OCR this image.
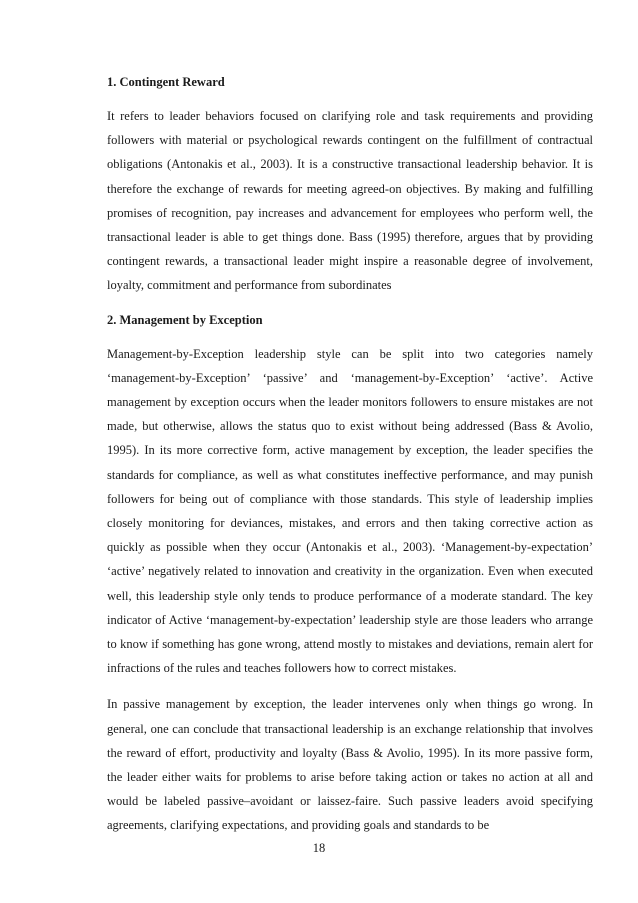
1. Contingent Reward

It refers to leader behaviors focused on clarifying role and task requirements and providing followers with material or psychological rewards contingent on the fulfillment of contractual obligations (Antonakis et al., 2003). It is a constructive transactional leadership behavior. It is therefore the exchange of rewards for meeting agreed-on objectives. By making and fulfilling promises of recognition, pay increases and advancement for employees who perform well, the transactional leader is able to get things done. Bass (1995) therefore, argues that by providing contingent rewards, a transactional leader might inspire a reasonable degree of involvement, loyalty, commitment and performance from subordinates

2. Management by Exception

Management-by-Exception leadership style can be split into two categories namely ‘management-by-Exception’ ‘passive’ and ‘management-by-Exception’ ‘active’. Active management by exception occurs when the leader monitors followers to ensure mistakes are not made, but otherwise, allows the status quo to exist without being addressed (Bass & Avolio, 1995). In its more corrective form, active management by exception, the leader specifies the standards for compliance, as well as what constitutes ineffective performance, and may punish followers for being out of compliance with those standards. This style of leadership implies closely monitoring for deviances, mistakes, and errors and then taking corrective action as quickly as possible when they occur (Antonakis et al., 2003). ‘Management-by-expectation’ ‘active’ negatively related to innovation and creativity in the organization. Even when executed well, this leadership style only tends to produce performance of a moderate standard. The key indicator of Active ‘management-by-expectation’ leadership style are those leaders who arrange to know if something has gone wrong, attend mostly to mistakes and deviations, remain alert for infractions of the rules and teaches followers how to correct mistakes.

In passive management by exception, the leader intervenes only when things go wrong. In general, one can conclude that transactional leadership is an exchange relationship that involves the reward of effort, productivity and loyalty (Bass & Avolio, 1995). In its more passive form, the leader either waits for problems to arise before taking action or takes no action at all and would be labeled passive–avoidant or laissez-faire. Such passive leaders avoid specifying agreements, clarifying expectations, and providing goals and standards to be

18
